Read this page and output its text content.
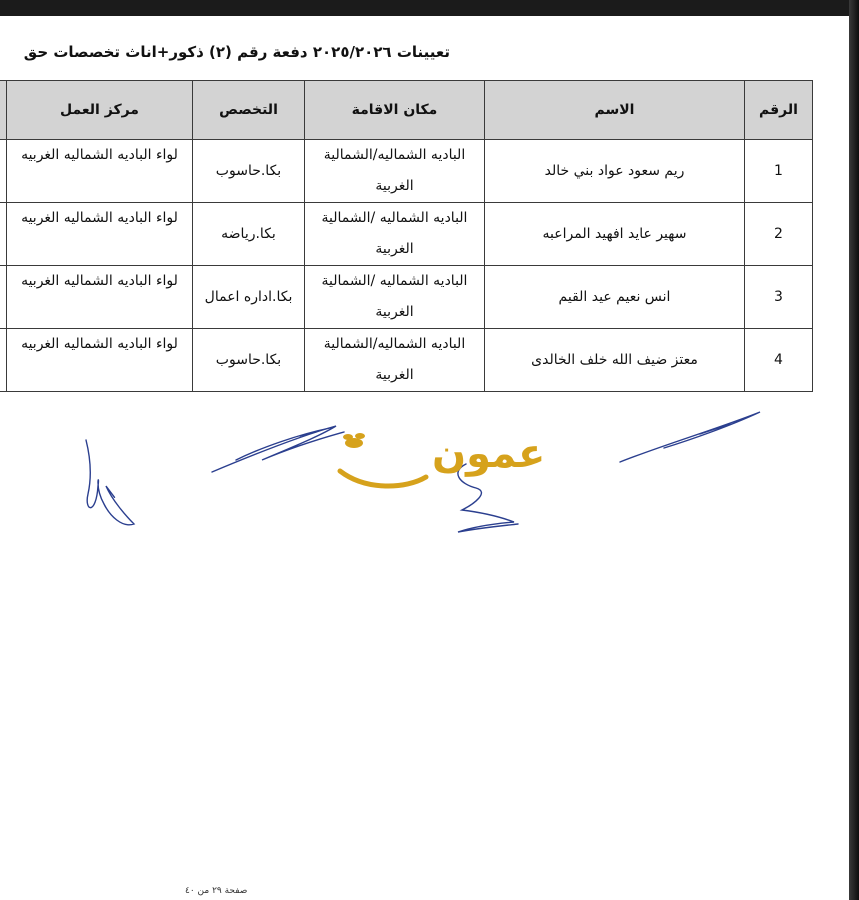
تعيينات ٢٠٢٥/٢٠٢٦ دفعة رقم (٢) ذكور+اناث تخصصات حق
الرقم	الاسم	مكان الاقامة	التخصص	مركز العمل	
1	ريم سعود عواد بني خالد	الباديه الشماليه/الشمالية الغربية	بكا.حاسوب	لواء الباديه الشماليه الغربيه	
2	سهير عايد افهيد المراعبه	الباديه الشماليه /الشمالية الغربية	بكا.رياضه	لواء الباديه الشماليه الغربيه	
3	انس نعيم عيد القيم	الباديه الشماليه /الشمالية الغربية	بكا.اداره اعمال	لواء الباديه الشماليه الغربيه	
4	معتز ضيف الله خلف الخالدى	الباديه الشماليه/الشمالية الغربية	بكا.حاسوب	لواء الباديه الشماليه الغربيه	
عمون
صفحة ٢٩ من ٤٠
